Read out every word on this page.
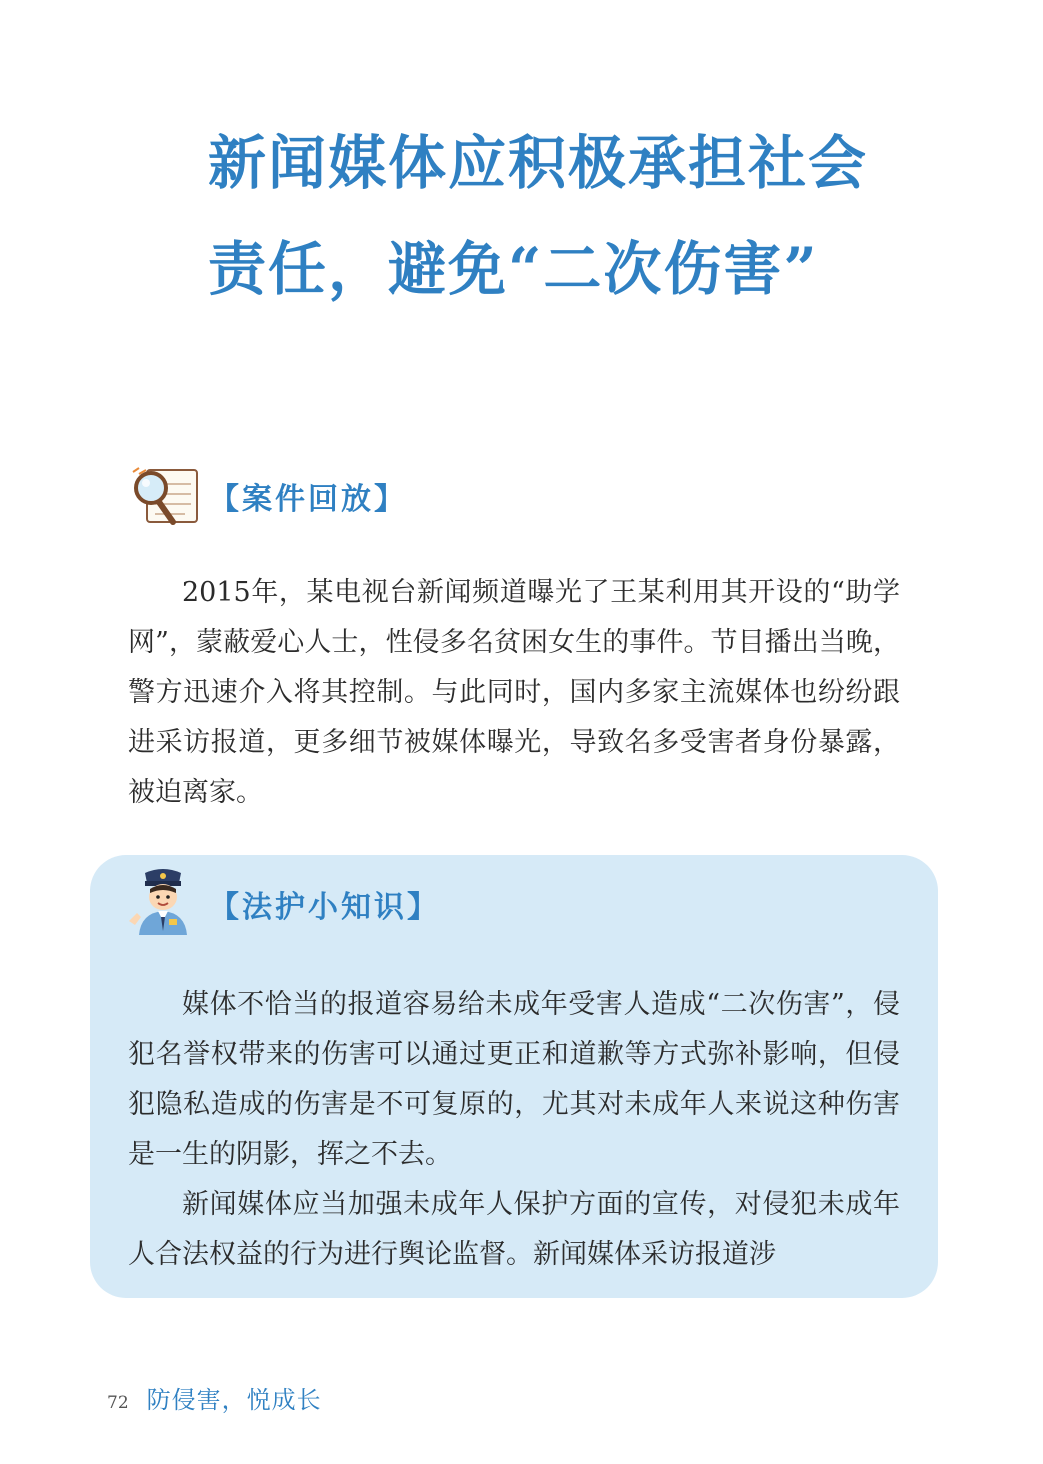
新闻媒体应积极承担社会
责任，避免“二次伤害”
【案件回放】

2015年，某电视台新闻频道曝光了王某利用其开设的“助学网”，蒙蔽爱心人士，性侵多名贫困女生的事件。节目播出当晚，警方迅速介入将其控制。与此同时，国内多家主流媒体也纷纷跟进采访报道，更多细节被媒体曝光，导致名多受害者身份暴露，被迫离家。

【法护小知识】

媒体不恰当的报道容易给未成年受害人造成“二次伤害”，侵犯名誉权带来的伤害可以通过更正和道歉等方式弥补影响，但侵犯隐私造成的伤害是不可复原的，尤其对未成年人来说这种伤害是一生的阴影，挥之不去。

新闻媒体应当加强未成年人保护方面的宣传，对侵犯未成年人合法权益的行为进行舆论监督。新闻媒体采访报道涉

72 防侵害，悦成长
